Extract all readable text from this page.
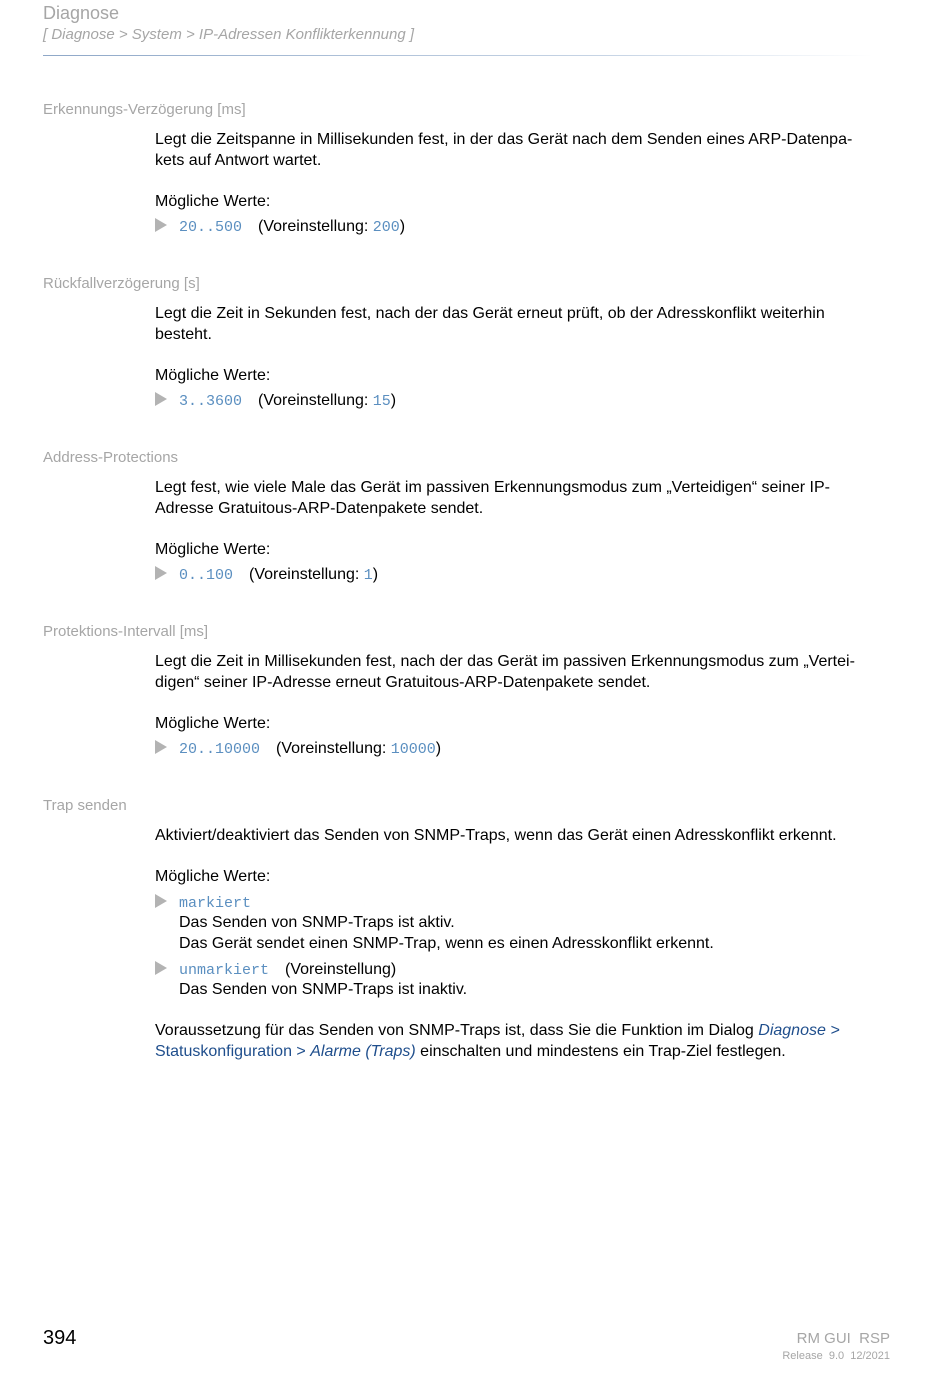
Diagnose
[ Diagnose > System > IP-Adressen Konflikterkennung ]
Erkennungs-Verzögerung [ms]
Legt die Zeitspanne in Millisekunden fest, in der das Gerät nach dem Senden eines ARP-Datenpa-
kets auf Antwort wartet.
Mögliche Werte:
20..500 (Voreinstellung: 200)
Rückfallverzögerung [s]
Legt die Zeit in Sekunden fest, nach der das Gerät erneut prüft, ob der Adresskonflikt weiterhin
besteht.
Mögliche Werte:
3..3600 (Voreinstellung: 15)
Address-Protections
Legt fest, wie viele Male das Gerät im passiven Erkennungsmodus zum „Verteidigen“ seiner IP-
Adresse Gratuitous-ARP-Datenpakete sendet.
Mögliche Werte:
0..100 (Voreinstellung: 1)
Protektions-Intervall [ms]
Legt die Zeit in Millisekunden fest, nach der das Gerät im passiven Erkennungsmodus zum „Vertei-
digen“ seiner IP-Adresse erneut Gratuitous-ARP-Datenpakete sendet.
Mögliche Werte:
20..10000 (Voreinstellung: 10000)
Trap senden
Aktiviert/deaktiviert das Senden von SNMP-Traps, wenn das Gerät einen Adresskonflikt erkennt.
Mögliche Werte:
markiert
Das Senden von SNMP-Traps ist aktiv.
Das Gerät sendet einen SNMP-Trap, wenn es einen Adresskonflikt erkennt.
unmarkiert (Voreinstellung)
Das Senden von SNMP-Traps ist inaktiv.
Voraussetzung für das Senden von SNMP-Traps ist, dass Sie die Funktion im Dialog Diagnose >
Statuskonfiguration > Alarme (Traps) einschalten und mindestens ein Trap-Ziel festlegen.
394	RM GUI  RSP
Release  9.0  12/2021
